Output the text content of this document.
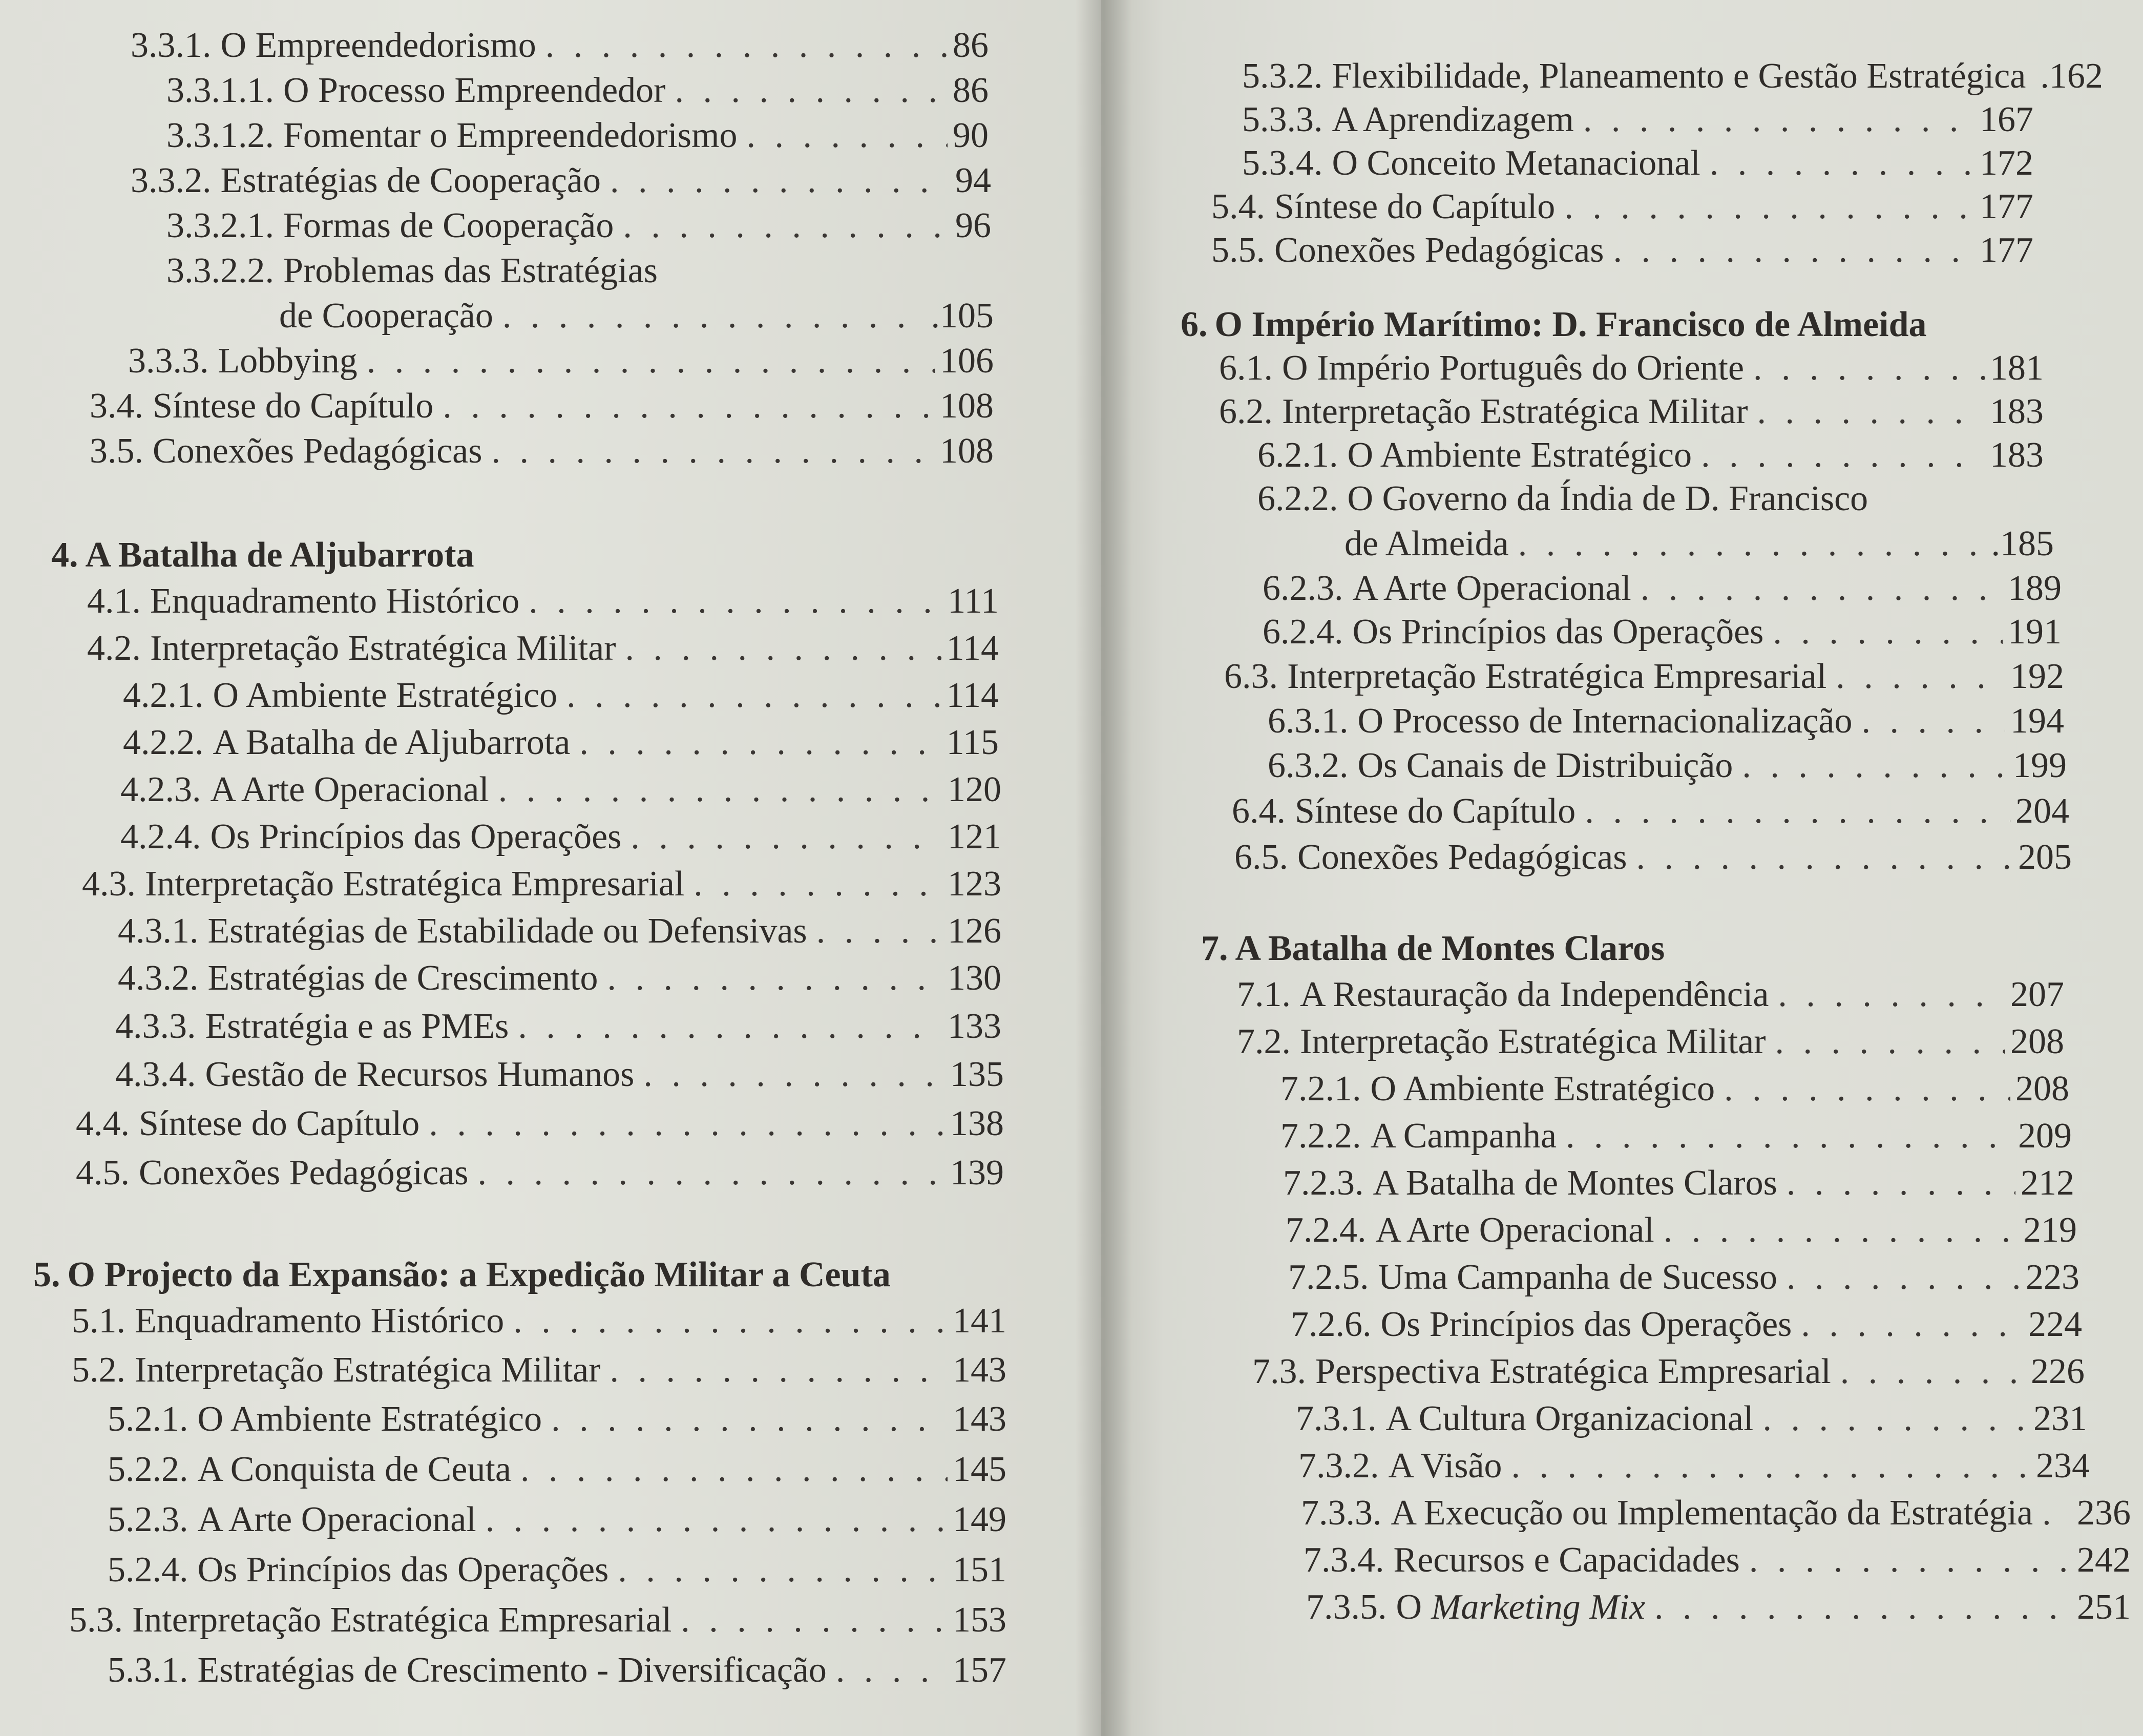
3.3.1. O Empreendedorismo . . .	86
3.3.1.1. O Processo Empreendedor . . .	86
3.3.1.2. Fomentar o Empreendedorismo . . .	90
3.3.2. Estratégias de Cooperação . . .	94
3.3.2.1. Formas de Cooperação . . .	96
3.3.2.2. Problemas das Estratégias
de Cooperação . . .	.105
3.3.3. Lobbying . . .	106
3.4. Síntese do Capítulo . . .	108
3.5. Conexões Pedagógicas . . .	108
4. A Batalha de Aljubarrota
4.1. Enquadramento Histórico . . .	111
4.2. Interpretação Estratégica Militar . . .	114
4.2.1. O Ambiente Estratégico . . .	114
4.2.2. A Batalha de Aljubarrota . . .	115
4.2.3. A Arte Operacional . . .	120
4.2.4. Os Princípios das Operações . . .	121
4.3. Interpretação Estratégica Empresarial . . .	123
4.3.1. Estratégias de Estabilidade ou Defensivas . . .	126
4.3.2. Estratégias de Crescimento . . .	130
4.3.3. Estratégia e as PMEs . . .	133
4.3.4. Gestão de Recursos Humanos . . .	135
4.4. Síntese do Capítulo . . .	138
4.5. Conexões Pedagógicas . . .	139
5. O Projecto da Expansão: a Expedição Militar a Ceuta
5.1. Enquadramento Histórico . . .	141
5.2. Interpretação Estratégica Militar . . .	143
5.2.1. O Ambiente Estratégico . . .	143
5.2.2. A Conquista de Ceuta . . .	145
5.2.3. A Arte Operacional . . .	149
5.2.4. Os Princípios das Operações . . .	151
5.3. Interpretação Estratégica Empresarial . . .	153
5.3.1. Estratégias de Crescimento - Diversificação . . .	157
5.3.2. Flexibilidade, Planeamento e Gestão Estratégica .162
5.3.3. A Aprendizagem . . .	167
5.3.4. O Conceito Metanacional . . .	172
5.4. Síntese do Capítulo . . .	177
5.5. Conexões Pedagógicas . . .	177
6. O Império Marítimo: D. Francisco de Almeida
6.1. O Império Português do Oriente . . .	181
6.2. Interpretação Estratégica Militar . . .	183
6.2.1. O Ambiente Estratégico . . .	183
6.2.2. O Governo da Índia de D. Francisco
de Almeida . . .	.185
6.2.3. A Arte Operacional . . .	189
6.2.4. Os Princípios das Operações . . .	191
6.3. Interpretação Estratégica Empresarial . . .	192
6.3.1. O Processo de Internacionalização . . .	194
6.3.2. Os Canais de Distribuição . . .	199
6.4. Síntese do Capítulo . . .	204
6.5. Conexões Pedagógicas . . .	205
7. A Batalha de Montes Claros
7.1. A Restauração da Independência . . .	207
7.2. Interpretação Estratégica Militar . . .	208
7.2.1. O Ambiente Estratégico . . .	208
7.2.2. A Campanha . . .	209
7.2.3. A Batalha de Montes Claros . . .	212
7.2.4. A Arte Operacional . . .	219
7.2.5. Uma Campanha de Sucesso . . .	223
7.2.6. Os Princípios das Operações . . .	224
7.3. Perspectiva Estratégica Empresarial . . .	226
7.3.1. A Cultura Organizacional . . .	231
7.3.2. A Visão . . .	234
7.3.3. A Execução ou Implementação da Estratégia . . . 236
7.3.4. Recursos e Capacidades . . .	242
7.3.5. O Marketing Mix . . .	251
